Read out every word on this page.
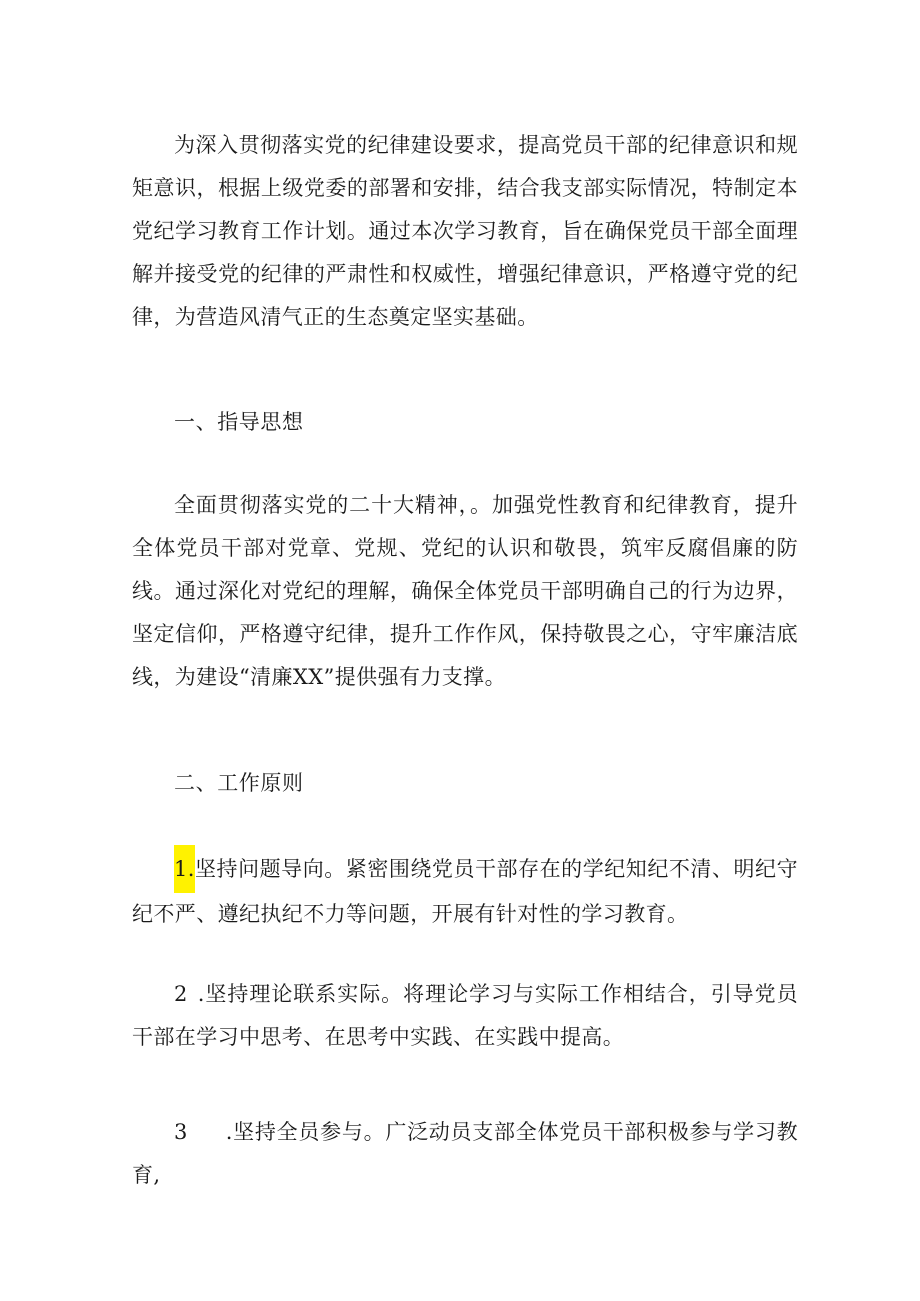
为深入贯彻落实党的纪律建设要求，提高党员干部的纪律意识和规矩意识，根据上级党委的部署和安排，结合我支部实际情况，特制定本党纪学习教育工作计划。通过本次学习教育，旨在确保党员干部全面理解并接受党的纪律的严肃性和权威性，增强纪律意识，严格遵守党的纪律，为营造风清气正的生态奠定坚实基础。

一、指导思想

全面贯彻落实党的二十大精神，。加强党性教育和纪律教育，提升全体党员干部对党章、党规、党纪的认识和敬畏，筑牢反腐倡廉的防线。通过深化对党纪的理解，确保全体党员干部明确自己的行为边界，坚定信仰，严格遵守纪律，提升工作作风，保持敬畏之心，守牢廉洁底线，为建设“清廉XX”提供强有力支撑。

二、工作原则

1.坚持问题导向。紧密围绕党员干部存在的学纪知纪不清、明纪守纪不严、遵纪执纪不力等问题，开展有针对性的学习教育。

2 .坚持理论联系实际。将理论学习与实际工作相结合，引导党员干部在学习中思考、在思考中实践、在实践中提高。

3 .坚持全员参与。广泛动员支部全体党员干部积极参与学习教育,
